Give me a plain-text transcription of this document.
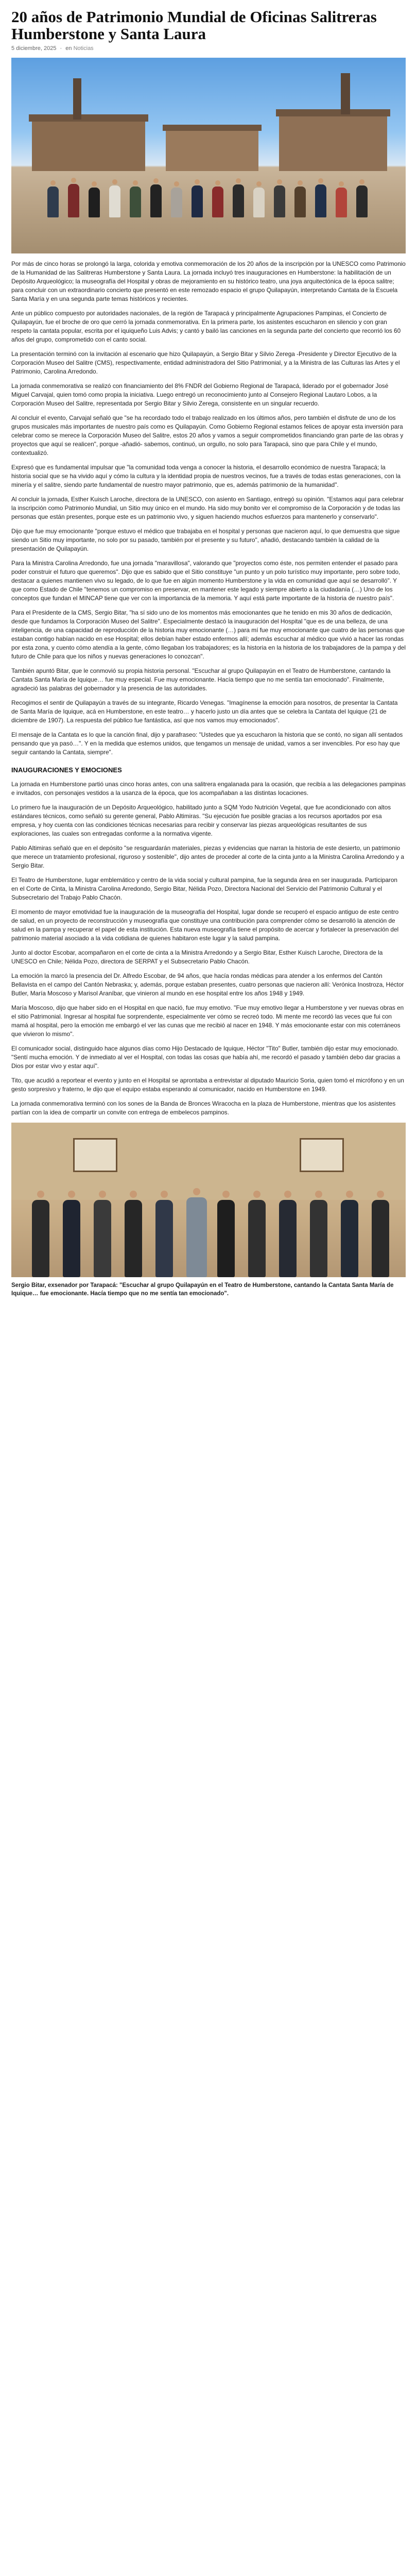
20 años de Patrimonio Mundial de Oficinas Salitreras Humberstone y Santa Laura
5 diciembre, 2025 · en Noticias

Por más de cinco horas se prolongó la larga, colorida y emotiva conmemoración de los 20 años de la inscripción por la UNESCO como Patrimonio de la Humanidad de las Salitreras Humberstone y Santa Laura. La jornada incluyó tres inauguraciones en Humberstone: la habilitación de un Depósito Arqueológico; la museografía del Hospital y obras de mejoramiento en su histórico teatro, una joya arquitectónica de la época salitre; para concluir con un extraordinario concierto que presentó en este remozado espacio el grupo Quilapayún, interpretando Cantata de la Escuela Santa María y en una segunda parte temas históricos y recientes.

Ante un público compuesto por autoridades nacionales, de la región de Tarapacá y principalmente Agrupaciones Pampinas, el Concierto de Quilapayún, fue el broche de oro que cerró la jornada conmemorativa. En la primera parte, los asistentes escucharon en silencio y con gran respeto la cantata popular, escrita por el iquiqueño Luis Advis; y cantó y bailó las canciones en la segunda parte del concierto que recorrió los 60 años del grupo, comprometido con el canto social.

La presentación terminó con la invitación al escenario que hizo Quilapayún, a Sergio Bitar y Silvio Zerega -Presidente y Director Ejecutivo de la Corporación Museo del Salitre (CMS), respectivamente, entidad administradora del Sitio Patrimonial, y a la Ministra de las Culturas las Artes y el Patrimonio, Carolina Arredondo.

La jornada conmemorativa se realizó con financiamiento del 8% FNDR del Gobierno Regional de Tarapacá, liderado por el gobernador José Miguel Carvajal, quien tomó como propia la iniciativa. Luego entregó un reconocimiento junto al Consejero Regional Lautaro Lobos, a la Corporación Museo del Salitre, representada por Sergio Bitar y Silvio Zerega, consistente en un singular recuerdo.

Al concluir el evento, Carvajal señaló que "se ha recordado todo el trabajo realizado en los últimos años, pero también el disfrute de uno de los grupos musicales más importantes de nuestro país como es Quilapayún. Como Gobierno Regional estamos felices de apoyar esta inversión para celebrar como se merece la Corporación Museo del Salitre, estos 20 años y vamos a seguir comprometidos financiando gran parte de las obras y proyectos que aquí se realicen", porque -añadió- sabemos, continuó, un orgullo, no solo para Tarapacá, sino que para Chile y el mundo, contextualizó.

Expresó que es fundamental impulsar que "la comunidad toda venga a conocer la historia, el desarrollo económico de nuestra Tarapacá; la historia social que se ha vivido aquí y cómo la cultura y la identidad propia de nuestros vecinos, fue a través de todas estas generaciones, con la minería y el salitre, siendo parte fundamental de nuestro mayor patrimonio, que es, además patrimonio de la humanidad".

Al concluir la jornada, Esther Kuisch Laroche, directora de la UNESCO, con asiento en Santiago, entregó su opinión. "Estamos aquí para celebrar la inscripción como Patrimonio Mundial, un Sitio muy único en el mundo. Ha sido muy bonito ver el compromiso de la Corporación y de todas las personas que están presentes, porque este es un patrimonio vivo, y siguen haciendo muchos esfuerzos para mantenerlo y conservarlo".

Dijo que fue muy emocionante "porque estuvo el médico que trabajaba en el hospital y personas que nacieron aquí, lo que demuestra que sigue siendo un Sitio muy importante, no solo por su pasado, también por el presente y su futuro", añadió, destacando también la calidad de la presentación de Quilapayún.

Para la Ministra Carolina Arredondo, fue una jornada "maravillosa", valorando que "proyectos como éste, nos permiten entender el pasado para poder construir el futuro que queremos". Dijo que es sabido que el Sitio constituye "un punto y un polo turístico muy importante, pero sobre todo, destacar a quienes mantienen vivo su legado, de lo que fue en algún momento Humberstone y la vida en comunidad que aquí se desarrolló". Y que como Estado de Chile "tenemos un compromiso en preservar, en mantener este legado y siempre abierto a la ciudadanía (…) Uno de los conceptos que fundan el MINCAP tiene que ver con la importancia de la memoria. Y aquí está parte importante de la historia de nuestro país".

Para el Presidente de la CMS, Sergio Bitar, "ha sí sido uno de los momentos más emocionantes que he tenido en mis 30 años de dedicación, desde que fundamos la Corporación Museo del Salitre". Especialmente destacó la inauguración del Hospital "que es de una belleza, de una inteligencia, de una capacidad de reproducción de la historia muy emocionante (…) para mí fue muy emocionante que cuatro de las personas que estaban contigo habían nacido en ese Hospital; ellos debían haber estado enfermos allí; además escuchar al médico que vivió a hacer las rondas por esta zona, y cuento cómo atendía a la gente, cómo llegaban los trabajadores; es la historia en la historia de los trabajadores de la pampa y del futuro de Chile para que los niños y nuevas generaciones lo conozcan".

También apuntó Bitar, que le conmovió su propia historia personal. "Escuchar al grupo Quilapayún en el Teatro de Humberstone, cantando la Cantata Santa María de Iquique… fue muy especial. Fue muy emocionante. Hacía tiempo que no me sentía tan emocionado". Finalmente, agradeció las palabras del gobernador y la presencia de las autoridades.

Recogimos el sentir de Quilapayún a través de su integrante, Ricardo Venegas. "Imagínense la emoción para nosotros, de presentar la Cantata de Santa María de Iquique, acá en Humberstone, en este teatro… y hacerlo justo un día antes que se celebra la Cantata del Iquique (21 de diciembre de 1907). La respuesta del público fue fantástica, así que nos vamos muy emocionados".

El mensaje de la Cantata es lo que la canción final, dijo y parafraseo: "Ustedes que ya escucharon la historia que se contó, no sigan allí sentados pensando que ya pasó…". Y en la medida que estemos unidos, que tengamos un mensaje de unidad, vamos a ser invencibles. Por eso hay que seguir cantando la Cantata, siempre".

INAUGURACIONES Y EMOCIONES

La jornada en Humberstone partió unas cinco horas antes, con una salitrera engalanada para la ocasión, que recibía a las delegaciones pampinas e invitados, con personajes vestidos a la usanza de la época, que los acompañaban a las distintas locaciones.

Lo primero fue la inauguración de un Depósito Arqueológico, habilitado junto a SQM Yodo Nutrición Vegetal, que fue acondicionado con altos estándares técnicos, como señaló su gerente general, Pablo Altimiras. "Su ejecución fue posible gracias a los recursos aportados por esa empresa, y hoy cuenta con las condiciones técnicas necesarias para recibir y conservar las piezas arqueológicas resultantes de sus exploraciones, las cuales son entregadas conforme a la normativa vigente.

Pablo Altimiras señaló que en el depósito "se resguardarán materiales, piezas y evidencias que narran la historia de este desierto, un patrimonio que merece un tratamiento profesional, riguroso y sostenible", dijo antes de proceder al corte de la cinta junto a la Ministra Carolina Arredondo y a Sergio Bitar.

El Teatro de Humberstone, lugar emblemático y centro de la vida social y cultural pampina, fue la segunda área en ser inaugurada. Participaron en el Corte de Cinta, la Ministra Carolina Arredondo, Sergio Bitar, Nélida Pozo, Directora Nacional del Servicio del Patrimonio Cultural y el Subsecretario del Trabajo Pablo Chacón.

El momento de mayor emotividad fue la inauguración de la museografía del Hospital, lugar donde se recuperó el espacio antiguo de este centro de salud, en un proyecto de reconstrucción y museografía que constituye una contribución para comprender cómo se desarrolló la atención de salud en la pampa y recuperar el papel de esta institución. Esta nueva museografía tiene el propósito de acercar y fortalecer la preservación del patrimonio material asociado a la vida cotidiana de quienes habitaron este lugar y la salud pampina.

Junto al doctor Escobar, acompañaron en el corte de cinta a la Ministra Arredondo y a Sergio Bitar, Esther Kuisch Laroche, Directora de la UNESCO en Chile; Nélida Pozo, directora de SERPAT y el Subsecretario Pablo Chacón.

La emoción la marcó la presencia del Dr. Alfredo Escobar, de 94 años, que hacía rondas médicas para atender a los enfermos del Cantón Bellavista en el campo del Cantón Nebraska; y, además, porque estaban presentes, cuatro personas que nacieron allí: Verónica Inostroza, Héctor Butler, María Moscoso y Marisol Araníbar, que vinieron al mundo en ese hospital entre los años 1948 y 1949.

María Moscoso, dijo que haber sido en el Hospital en que nació, fue muy emotivo. "Fue muy emotivo llegar a Humberstone y ver nuevas obras en el sitio Patrimonial. Ingresar al hospital fue sorprendente, especialmente ver cómo se recreó todo. Mi mente me recordó las veces que fui con mamá al hospital, pero la emoción me embargó el ver las cunas que me recibió al nacer en 1948. Y más emocionante estar con mis coterráneos que vivieron lo mismo".

El comunicador social, distinguido hace algunos días como Hijo Destacado de Iquique, Héctor "Tito" Butler, también dijo estar muy emocionado. "Sentí mucha emoción. Y de inmediato al ver el Hospital, con todas las cosas que había ahí, me recordó el pasado y también debo dar gracias a Dios por estar vivo y estar aquí".

Tito, que acudió a reportear el evento y junto en el Hospital se aprontaba a entrevistar al diputado Mauricio Soria, quien tomó el micrófono y en un gesto sorpresivo y fraterno, le dijo que el equipo estaba esperando al comunicador, nacido en Humberstone en 1949.

La jornada conmemorativa terminó con los sones de la Banda de Bronces Wiracocha en la plaza de Humberstone, mientras que los asistentes partían con la idea de compartir un convite con entrega de embelecos pampinos.

Sergio Bitar, exsenador por Tarapacá: "Escuchar al grupo Quilapayún en el Teatro de Humberstone, cantando la Cantata Santa María de Iquique… fue emocionante. Hacía tiempo que no me sentía tan emocionado".
